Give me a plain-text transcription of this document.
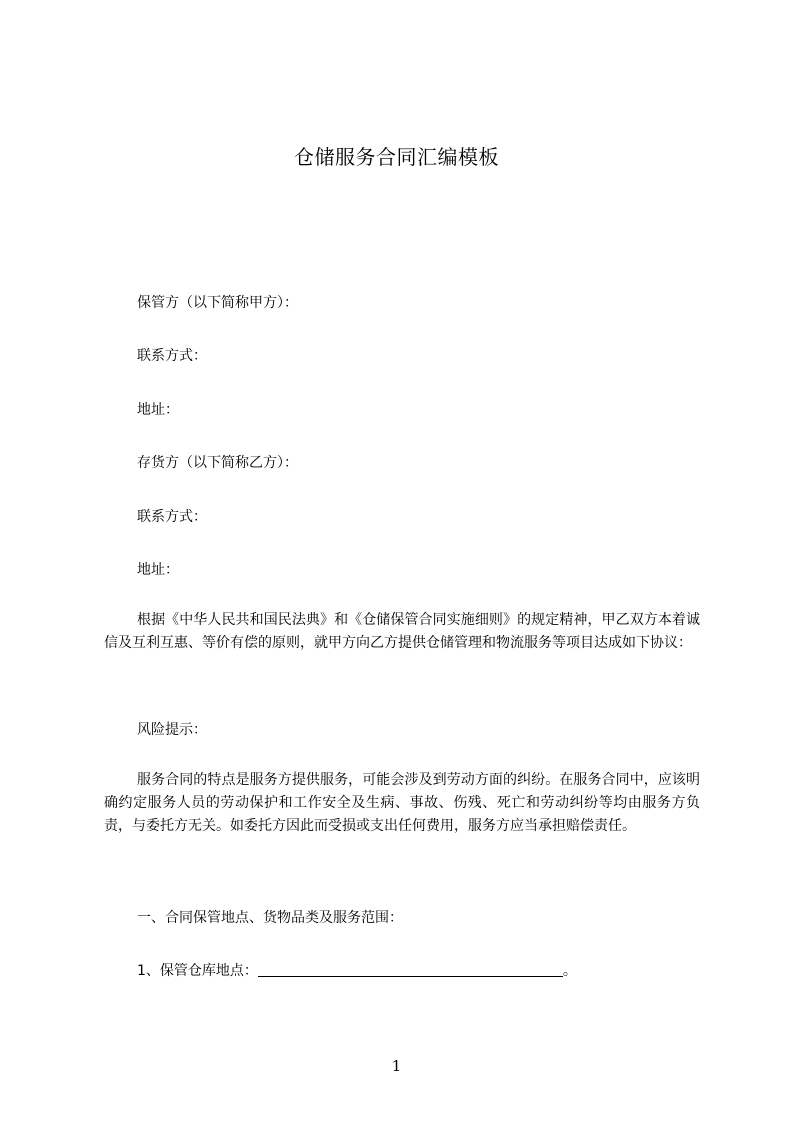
仓储服务合同汇编模板
保管方（以下简称甲方）：
联系方式：
地址：
存货方（以下简称乙方）：
联系方式：
地址：
根据《中华人民共和国民法典》和《仓储保管合同实施细则》的规定精神，甲乙双方本着诚信及互利互惠、等价有偿的原则，就甲方向乙方提供仓储管理和物流服务等项目达成如下协议：
风险提示：
服务合同的特点是服务方提供服务，可能会涉及到劳动方面的纠纷。在服务合同中，应该明确约定服务人员的劳动保护和工作安全及生病、事故、伤残、死亡和劳动纠纷等均由服务方负责，与委托方无关。如委托方因此而受损或支出任何费用，服务方应当承担赔偿责任。
一、合同保管地点、货物品类及服务范围：
1、保管仓库地点：	。
1
